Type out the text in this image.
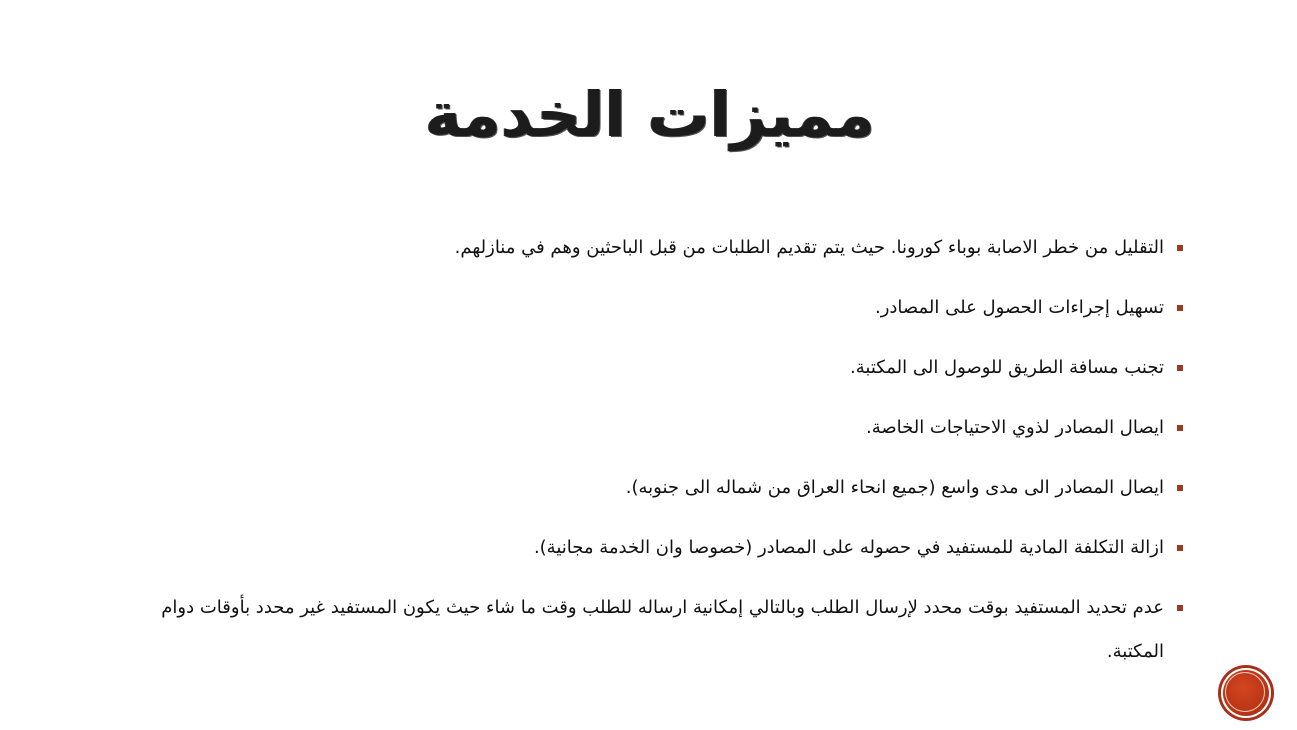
مميزات الخدمة
التقليل من خطر الاصابة بوباء كورونا. حيث يتم تقديم الطلبات من قبل الباحثين وهم في منازلهم.
تسهيل إجراءات الحصول على المصادر.
تجنب مسافة الطريق للوصول الى المكتبة.
ايصال المصادر لذوي الاحتياجات الخاصة.
ايصال المصادر الى مدى واسع (جميع انحاء العراق من شماله الى جنوبه).
ازالة التكلفة المادية للمستفيد في حصوله على المصادر (خصوصا وان الخدمة مجانية).
عدم تحديد المستفيد بوقت محدد لإرسال الطلب وبالتالي إمكانية ارساله للطلب وقت ما شاء حيث يكون المستفيد غير محدد بأوقات دوام المكتبة.
